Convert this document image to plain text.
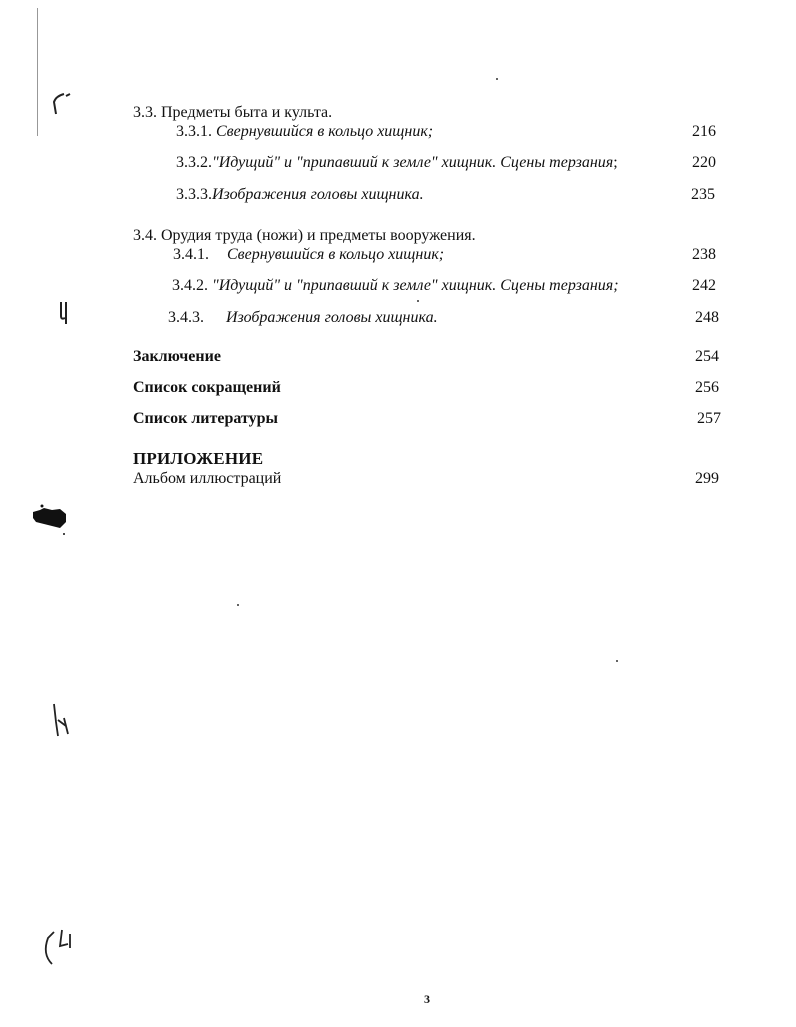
3.3. Предметы быта и культа.
3.3.1. Свернувшийся в кольцо хищник;	216
3.3.2."Идущий" и "припавший к земле" хищник. Сцены терзания;	220
3.3.3.Изображения головы хищника.	235
3.4. Орудия труда (ножи) и предметы вооружения.
3.4.1. Свернувшийся в кольцо хищник;	238
3.4.2. "Идущий" и "припавший к земле" хищник. Сцены терзания;	242
3.4.3. Изображения головы хищника.	248
Заключение	254
Список сокращений	256
Список литературы	257
ПРИЛОЖЕНИЕ
Альбом иллюстраций	299
3
